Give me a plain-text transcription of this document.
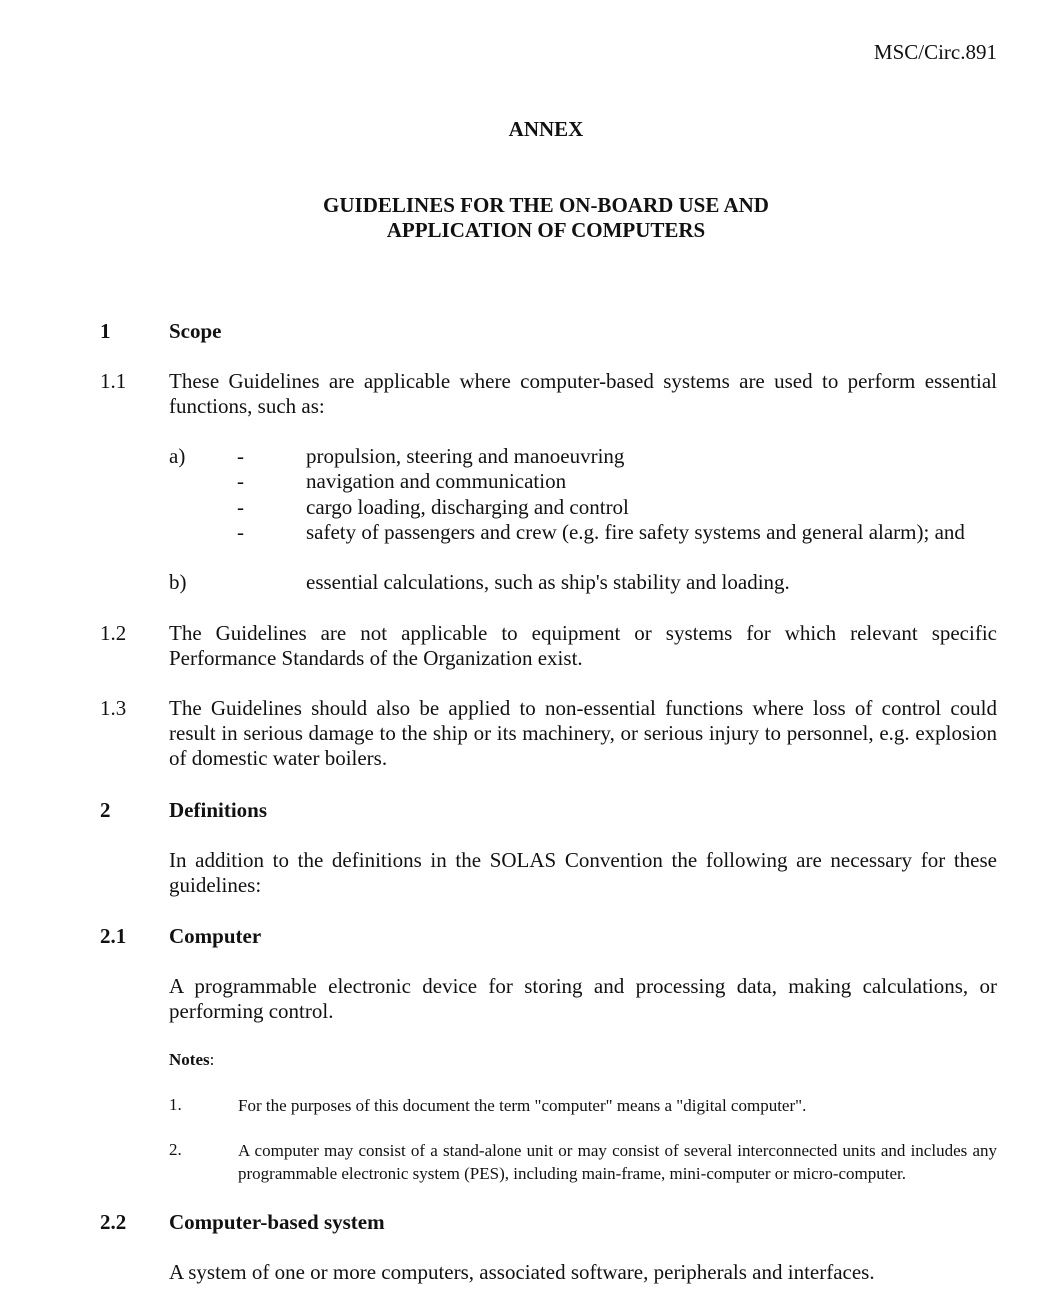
MSC/Circ.891
ANNEX
GUIDELINES FOR THE ON-BOARD USE AND
APPLICATION OF COMPUTERS
1	Scope
1.1 These Guidelines are applicable where computer-based systems are used to perform essential functions, such as:
a) -	propulsion, steering and manoeuvring
-	navigation and communication
-	cargo loading, discharging and control
-	safety of passengers and crew (e.g. fire safety systems and general alarm); and
b)	essential calculations, such as ship's stability and loading.
1.2 The Guidelines are not applicable to equipment or systems for which relevant specific Performance Standards of the Organization exist.
1.3 The Guidelines should also be applied to non-essential functions where loss of control could result in serious damage to the ship or its machinery, or serious injury to personnel, e.g. explosion of domestic water boilers.
2	Definitions
In addition to the definitions in the SOLAS Convention the following are necessary for these guidelines:
2.1 Computer
A programmable electronic device for storing and processing data, making calculations, or performing control.
Notes:
1.	For the purposes of this document the term "computer" means a "digital computer".
2.	A computer may consist of a stand-alone unit or may consist of several interconnected units and includes any programmable electronic system (PES), including main-frame, mini-computer or micro-computer.
2.2 Computer-based system
A system of one or more computers, associated software, peripherals and interfaces.
